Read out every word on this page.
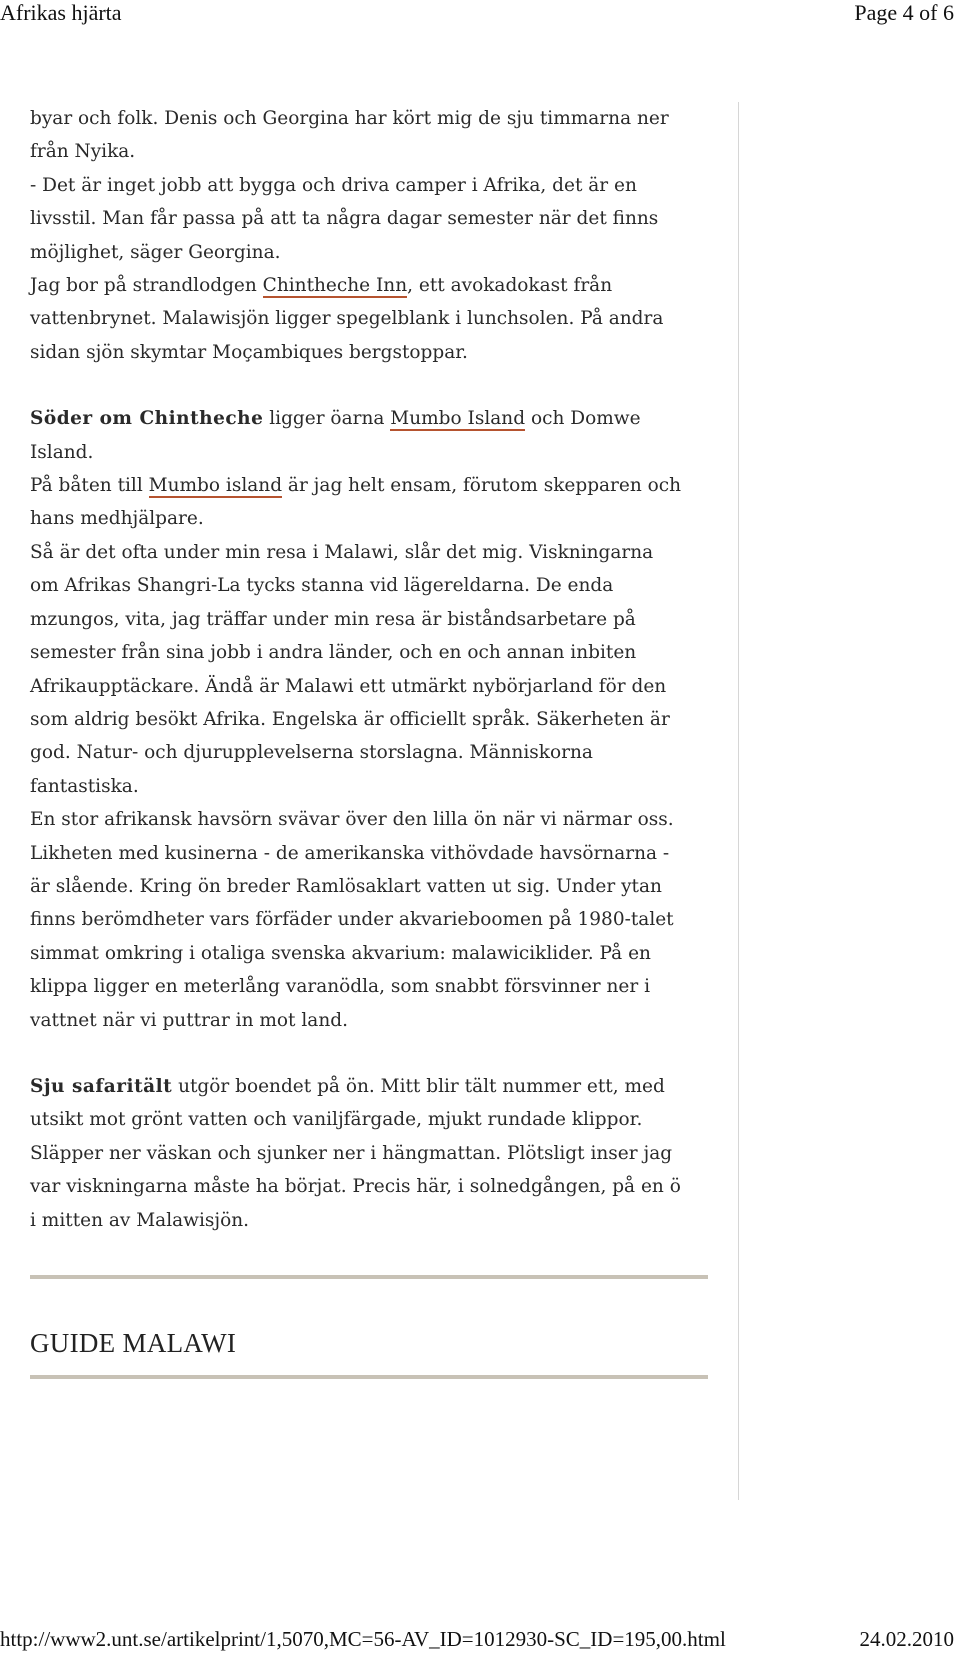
Afrikas hjärta	Page 4 of 6

byar och folk. Denis och Georgina har kört mig de sju timmarna ner

från Nyika.

- Det är inget jobb att bygga och driva camper i Afrika, det är en

livsstil. Man får passa på att ta några dagar semester när det finns

möjlighet, säger Georgina.

Jag bor på strandlodgen Chintheche Inn, ett avokadokast från

vattenbrynet. Malawisjön ligger spegelblank i lunchsolen. På andra

sidan sjön skymtar Moçambiques bergstoppar.

Söder om Chintheche ligger öarna Mumbo Island och Domwe

Island.

På båten till Mumbo island är jag helt ensam, förutom skepparen och

hans medhjälpare.

Så är det ofta under min resa i Malawi, slår det mig. Viskningarna

om Afrikas Shangri-La tycks stanna vid lägereldarna. De enda

mzungos, vita, jag träffar under min resa är biståndsarbetare på

semester från sina jobb i andra länder, och en och annan inbiten

Afrikaupptäckare. Ändå är Malawi ett utmärkt nybörjarland för den

som aldrig besökt Afrika. Engelska är officiellt språk. Säkerheten är

god. Natur- och djurupplevelserna storslagna. Människorna

fantastiska.

En stor afrikansk havsörn svävar över den lilla ön när vi närmar oss.

Likheten med kusinerna - de amerikanska vithövdade havsörnarna -

är slående. Kring ön breder Ramlösaklart vatten ut sig. Under ytan

finns berömdheter vars förfäder under akvarieboomen på 1980-talet

simmat omkring i otaliga svenska akvarium: malawiciklider. På en

klippa ligger en meterlång varanödla, som snabbt försvinner ner i

vattnet när vi puttrar in mot land.

Sju safaritält utgör boendet på ön. Mitt blir tält nummer ett, med

utsikt mot grönt vatten och vaniljfärgade, mjukt rundade klippor.

Släpper ner väskan och sjunker ner i hängmattan. Plötsligt inser jag

var viskningarna måste ha börjat. Precis här, i solnedgången, på en ö

i mitten av Malawisjön.

GUIDE MALAWI
http://www2.unt.se/artikelprint/1,5070,MC=56-AV_ID=1012930-SC_ID=195,00.html	24.02.2010
